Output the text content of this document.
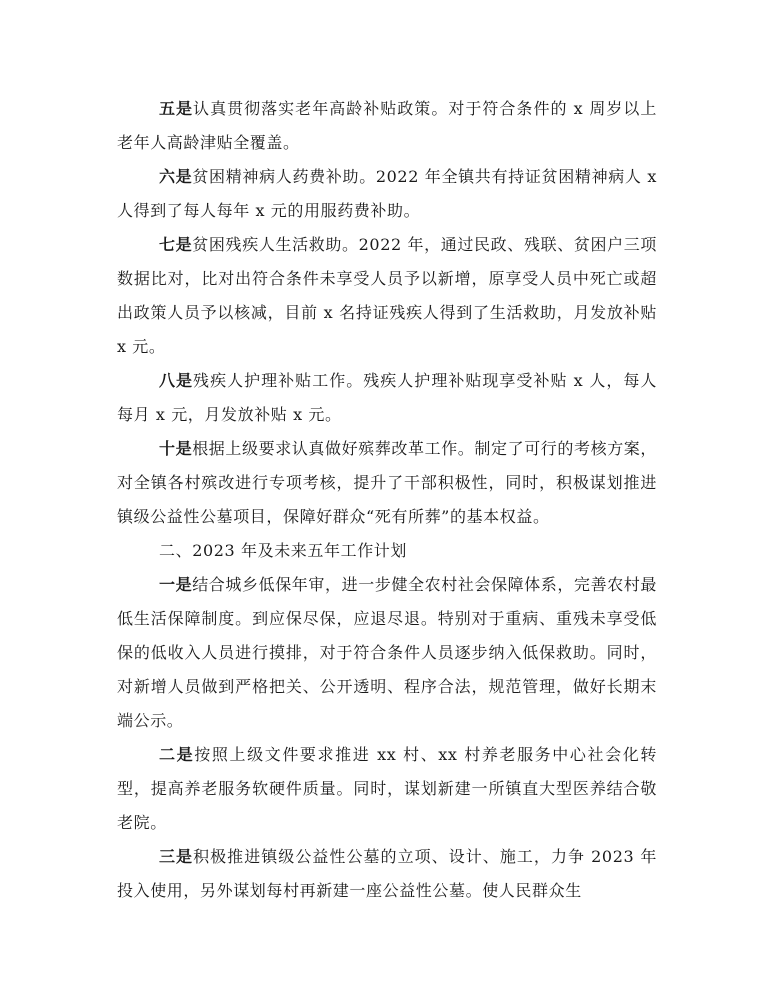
五是认真贯彻落实老年高龄补贴政策。对于符合条件的 x 周岁以上老年人高龄津贴全覆盖。

六是贫困精神病人药费补助。2022 年全镇共有持证贫困精神病人 x 人得到了每人每年 x 元的用服药费补助。

七是贫困残疾人生活救助。2022 年，通过民政、残联、贫困户三项数据比对，比对出符合条件未享受人员予以新增，原享受人员中死亡或超出政策人员予以核减，目前 x 名持证残疾人得到了生活救助，月发放补贴 x 元。

八是残疾人护理补贴工作。残疾人护理补贴现享受补贴 x 人，每人每月 x 元，月发放补贴 x 元。

十是根据上级要求认真做好殡葬改革工作。制定了可行的考核方案，对全镇各村殡改进行专项考核，提升了干部积极性，同时，积极谋划推进镇级公益性公墓项目，保障好群众“死有所葬”的基本权益。

二、2023 年及未来五年工作计划

一是结合城乡低保年审，进一步健全农村社会保障体系，完善农村最低生活保障制度。到应保尽保，应退尽退。特别对于重病、重残未享受低保的低收入人员进行摸排，对于符合条件人员逐步纳入低保救助。同时，对新增人员做到严格把关、公开透明、程序合法，规范管理，做好长期末端公示。

二是按照上级文件要求推进 xx 村、xx 村养老服务中心社会化转型，提高养老服务软硬件质量。同时，谋划新建一所镇直大型医养结合敬老院。

三是积极推进镇级公益性公墓的立项、设计、施工，力争 2023 年投入使用，另外谋划每村再新建一座公益性公墓。使人民群众生
